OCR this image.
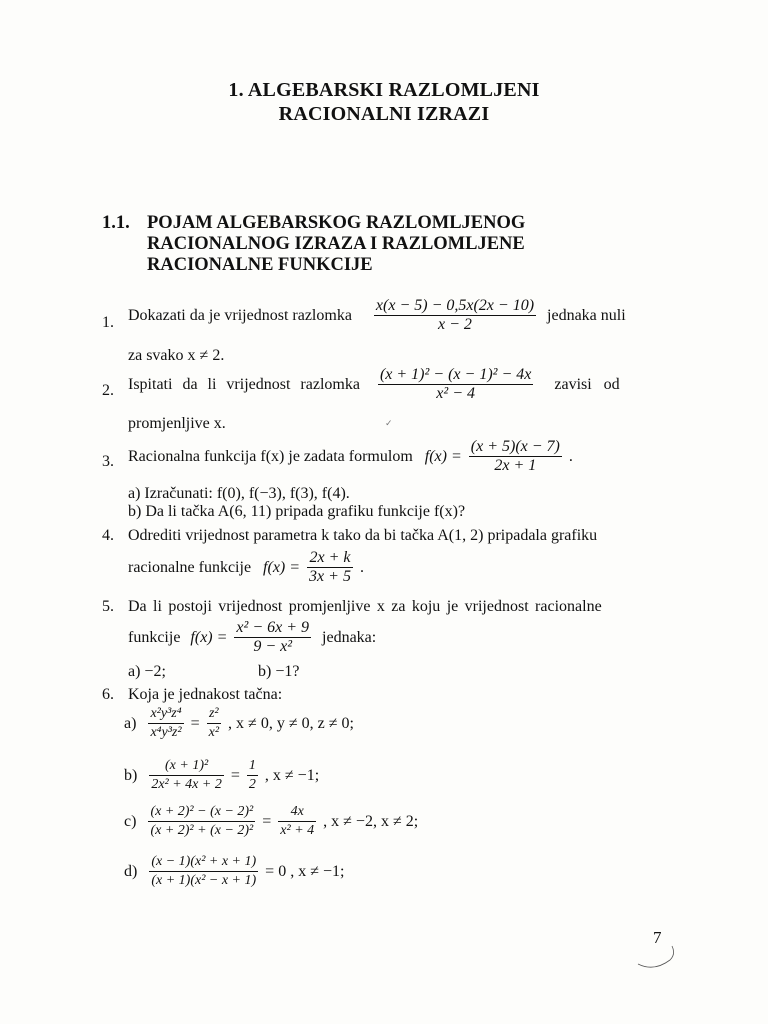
1. ALGEBARSKI RAZLOMLJENI
RACIONALNI IZRAZI
1.1. POJAM ALGEBARSKOG RAZLOMLJENOG
RACIONALNOG IZRAZA I RAZLOMLJENE
RACIONALNE FUNKCIJE
1. Dokazati da je vrijednost razlomka $\frac{x(x - 5) - 0,5x(2x - 10)}{x - 2}$ jednaka nuli
za svako x ≠ 2.
2. Ispitati da li vrijednost razlomka $\frac{\text{(x + 1)² − (x − 1)² − 4x}}{\text{x² − 4}}$ zavisi od
promjenljive x.	✓
3. Racionalna funkcija f(x) je zadata formulom $f(x) = \frac{(x + 5)(x - 7)}{2x + 1}$ .
a) Izračunati: f(0), f(−3), f(3), f(4).
b) Da li tačka A(6, 11) pripada grafiku funkcije f(x)?
4. Odrediti vrijednost parametra k tako da bi tačka A(1, 2) pripadala grafiku
racionalne funkcije $f(x) = \frac{2x + k}{3x + 5}$ .
5. Da li postoji vrijednost promjenljive x za koju je vrijednost racionalne
funkcije $f(x) = \frac{\text{x² − 6x + 9}}{\text{9 − x²}}$ jednaka:
a) −2;	b) −1?
6. Koja je jednakost tačna:
$a) \frac{\text{x²y³z⁴}}{\text{x⁴y³z²}} = \frac{\text{z²}}{\text{x²}}$ , x ≠ 0, y ≠ 0, z ≠ 0;
$b) \frac{\text{(x + 1)²}}{\text{2x² + 4x + 2}} = \frac{1}{2}$ , x ≠ −1;
$c) \frac{\text{(x + 2)² − (x − 2)²}}{\text{(x + 2)² + (x − 2)²}} = \frac{4x}{\text{x² + 4}}$ , x ≠ −2, x ≠ 2;
$d) \frac{\text{(x − 1)(x² + x + 1)}}{\text{(x + 1)(x² − x + 1)}} = 0$ , x ≠ −1;
7
